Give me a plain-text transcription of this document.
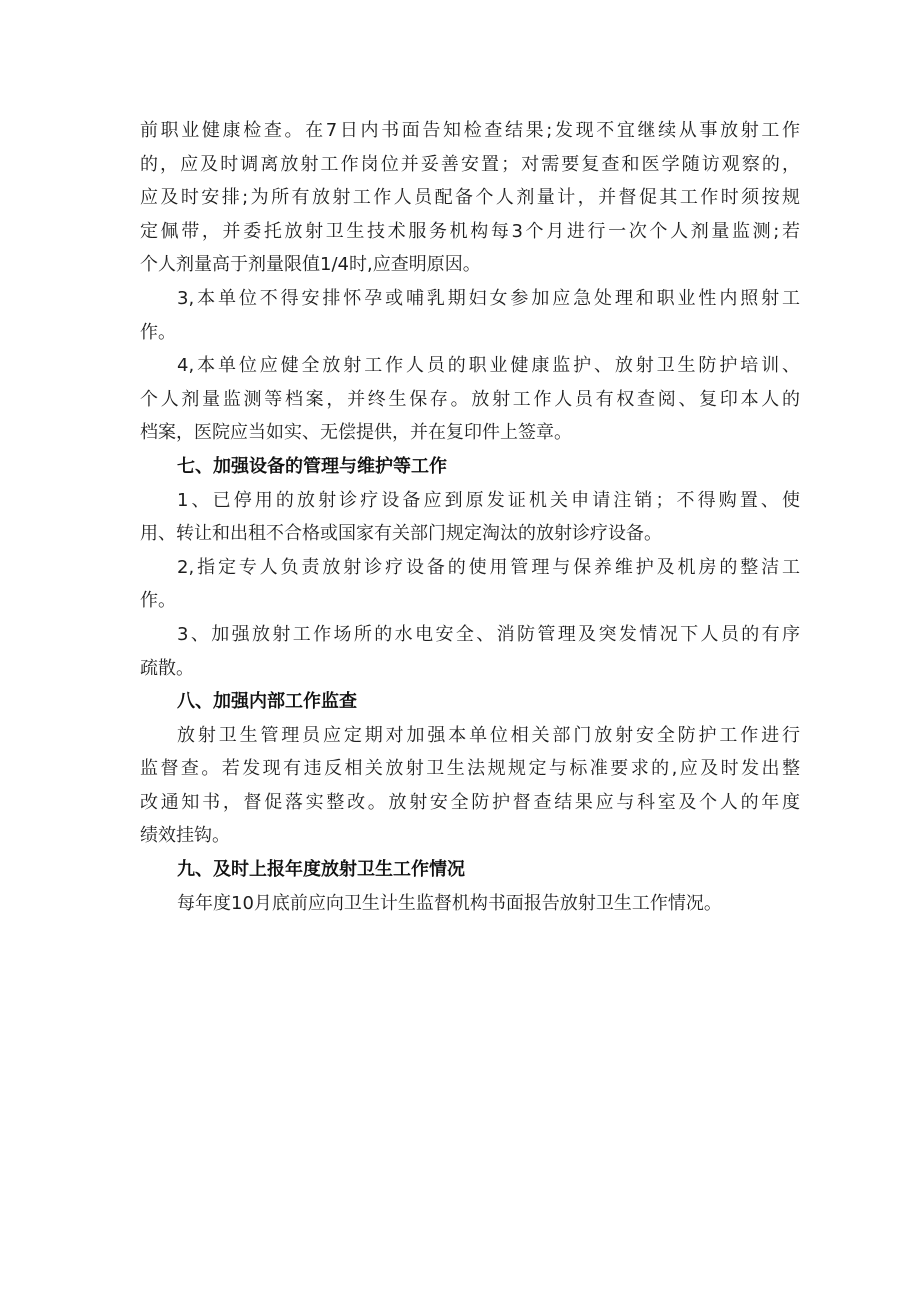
前职业健康检查。在7日内书面告知检查结果;发现不宜继续从事放射工作
的，应及时调离放射工作岗位并妥善安置；对需要复查和医学随访观察的，
应及时安排;为所有放射工作人员配备个人剂量计，并督促其工作时须按规
定佩带，并委托放射卫生技术服务机构每3个月进行一次个人剂量监测;若
个人剂量高于剂量限值1/4时,应查明原因。
3,本单位不得安排怀孕或哺乳期妇女参加应急处理和职业性内照射工
作。
4,本单位应健全放射工作人员的职业健康监护、放射卫生防护培训、
个人剂量监测等档案，并终生保存。放射工作人员有权查阅、复印本人的
档案，医院应当如实、无偿提供，并在复印件上签章。
七、加强设备的管理与维护等工作
1、已停用的放射诊疗设备应到原发证机关申请注销；不得购置、使
用、转让和出租不合格或国家有关部门规定淘汰的放射诊疗设备。
2,指定专人负责放射诊疗设备的使用管理与保养维护及机房的整洁工
作。
3、加强放射工作场所的水电安全、消防管理及突发情况下人员的有序
疏散。
八、加强内部工作监查
放射卫生管理员应定期对加强本单位相关部门放射安全防护工作进行
监督查。若发现有违反相关放射卫生法规规定与标准要求的,应及时发出整
改通知书，督促落实整改。放射安全防护督查结果应与科室及个人的年度
绩效挂钩。
九、及时上报年度放射卫生工作情况
每年度10月底前应向卫生计生监督机构书面报告放射卫生工作情况。
